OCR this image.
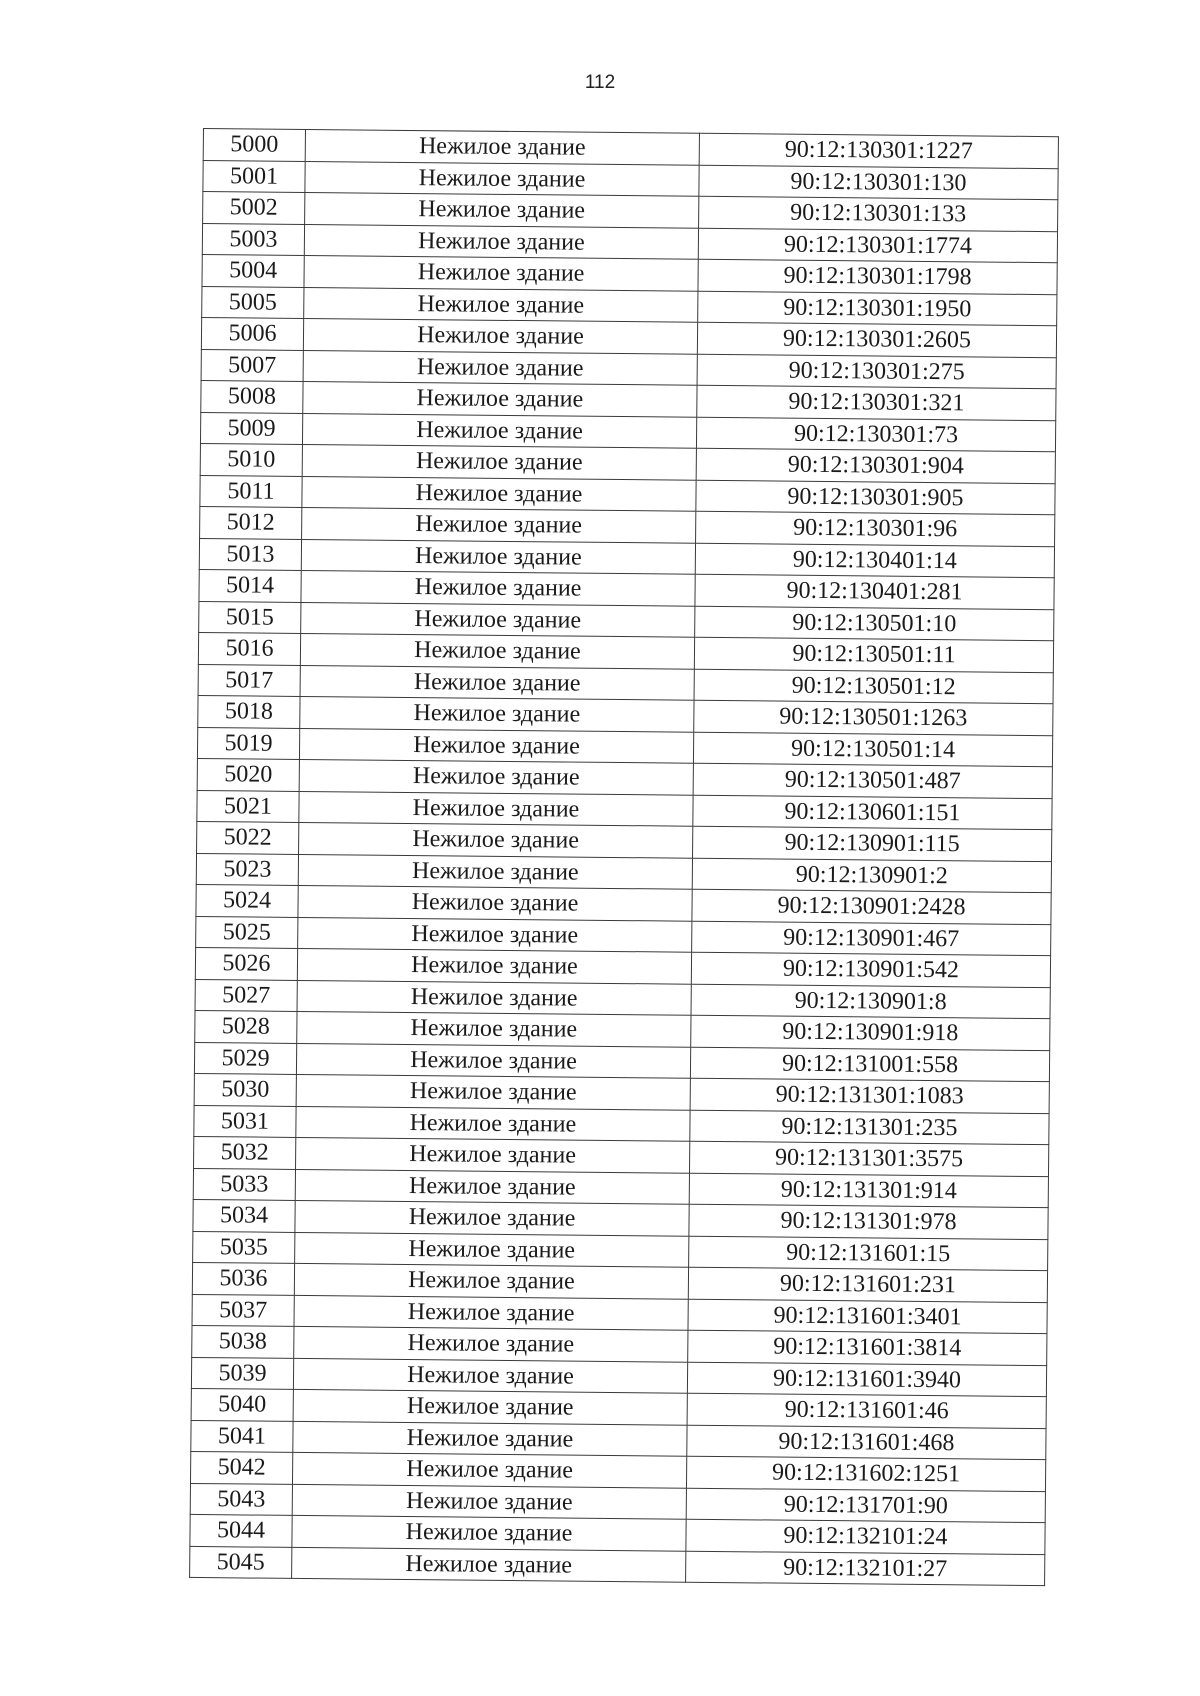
112
5000	Нежилое здание	90:12:130301:1227
5001	Нежилое здание	90:12:130301:130
5002	Нежилое здание	90:12:130301:133
5003	Нежилое здание	90:12:130301:1774
5004	Нежилое здание	90:12:130301:1798
5005	Нежилое здание	90:12:130301:1950
5006	Нежилое здание	90:12:130301:2605
5007	Нежилое здание	90:12:130301:275
5008	Нежилое здание	90:12:130301:321
5009	Нежилое здание	90:12:130301:73
5010	Нежилое здание	90:12:130301:904
5011	Нежилое здание	90:12:130301:905
5012	Нежилое здание	90:12:130301:96
5013	Нежилое здание	90:12:130401:14
5014	Нежилое здание	90:12:130401:281
5015	Нежилое здание	90:12:130501:10
5016	Нежилое здание	90:12:130501:11
5017	Нежилое здание	90:12:130501:12
5018	Нежилое здание	90:12:130501:1263
5019	Нежилое здание	90:12:130501:14
5020	Нежилое здание	90:12:130501:487
5021	Нежилое здание	90:12:130601:151
5022	Нежилое здание	90:12:130901:115
5023	Нежилое здание	90:12:130901:2
5024	Нежилое здание	90:12:130901:2428
5025	Нежилое здание	90:12:130901:467
5026	Нежилое здание	90:12:130901:542
5027	Нежилое здание	90:12:130901:8
5028	Нежилое здание	90:12:130901:918
5029	Нежилое здание	90:12:131001:558
5030	Нежилое здание	90:12:131301:1083
5031	Нежилое здание	90:12:131301:235
5032	Нежилое здание	90:12:131301:3575
5033	Нежилое здание	90:12:131301:914
5034	Нежилое здание	90:12:131301:978
5035	Нежилое здание	90:12:131601:15
5036	Нежилое здание	90:12:131601:231
5037	Нежилое здание	90:12:131601:3401
5038	Нежилое здание	90:12:131601:3814
5039	Нежилое здание	90:12:131601:3940
5040	Нежилое здание	90:12:131601:46
5041	Нежилое здание	90:12:131601:468
5042	Нежилое здание	90:12:131602:1251
5043	Нежилое здание	90:12:131701:90
5044	Нежилое здание	90:12:132101:24
5045	Нежилое здание	90:12:132101:27
